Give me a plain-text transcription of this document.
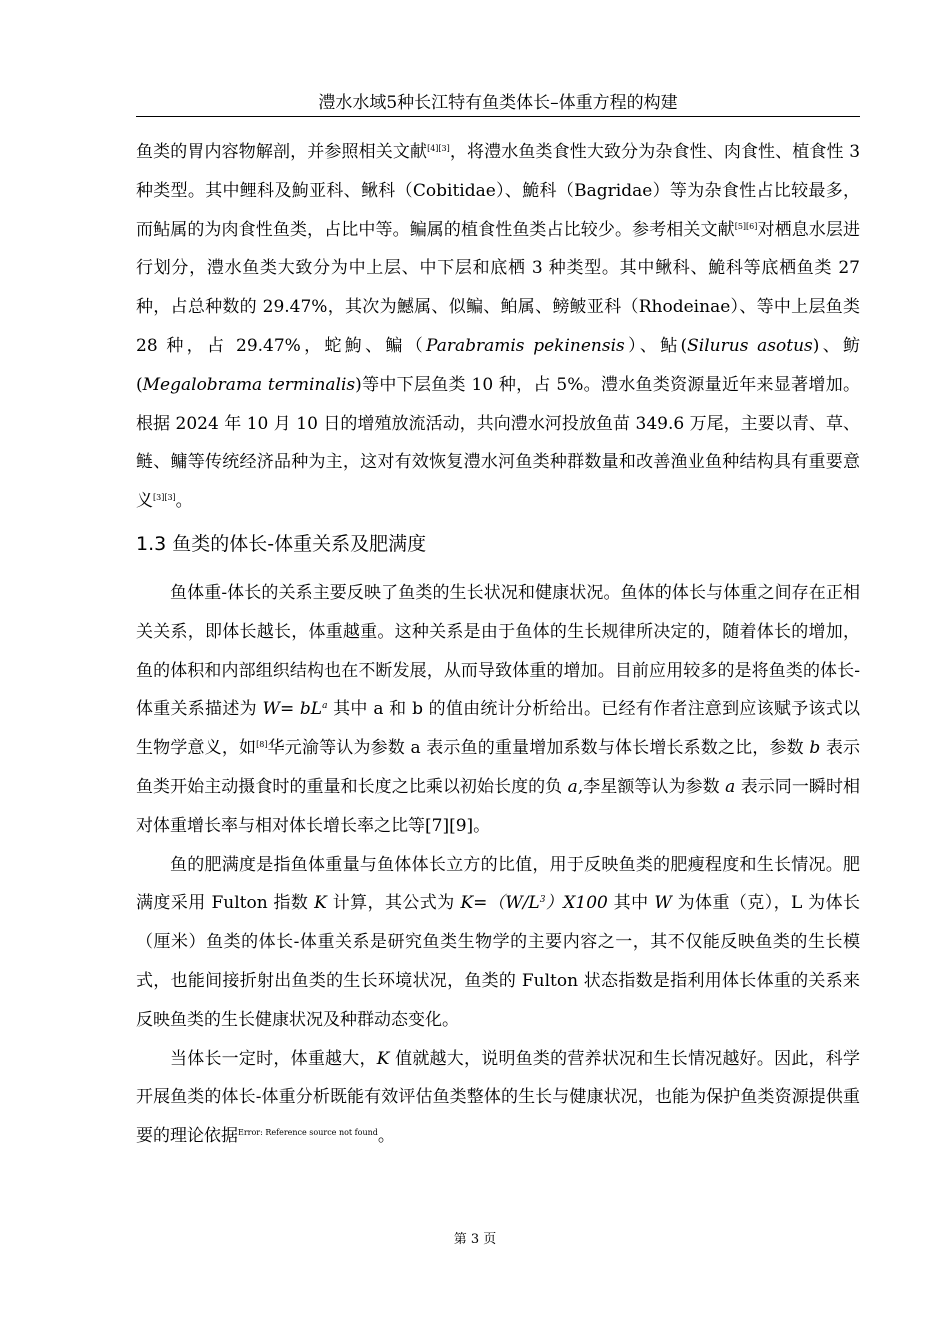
澧水水域5种长江特有鱼类体长–体重方程的构建

鱼类的胃内容物解剖，并参照相关文献[4][3]，将澧水鱼类食性大致分为杂食性、肉食性、植食性 3 种类型。其中鲤科及鮈亚科、鳅科（Cobitidae）、鮠科（Bagridae）等为杂食性占比较最多，而鲇属的为肉食性鱼类，占比中等。鳊属的植食性鱼类占比较少。参考相关文献[5][6]对栖息水层进行划分，澧水鱼类大致分为中上层、中下层和底栖 3 种类型。其中鳅科、鮠科等底栖鱼类 27 种，占总种数的 29.47%，其次为鱤属、似鳊、鲌属、鳑鲏亚科（Rhodeinae）、等中上层鱼类 28 种，占 29.47%，蛇鮈、鳊（Parabramis pekinensis）、鲇(Silurus asotus)、鲂(Megalobrama terminalis)等中下层鱼类 10 种，占 5%。澧水鱼类资源量近年来显著增加。根据 2024 年 10 月 10 日的增殖放流活动，共向澧水河投放鱼苗 349.6 万尾，主要以青、草、鲢、鳙等传统经济品种为主，这对有效恢复澧水河鱼类种群数量和改善渔业鱼种结构具有重要意义[3][3]。

1.3 鱼类的体长-体重关系及肥满度

鱼体重-体长的关系主要反映了鱼类的生长状况和健康状况。鱼体的体长与体重之间存在正相关关系，即体长越长，体重越重。这种关系是由于鱼体的生长规律所决定的，随着体长的增加，鱼的体积和内部组织结构也在不断发展，从而导致体重的增加。目前应用较多的是将鱼类的体长-体重关系描述为 $W= bL^a$ 其中 a 和 b 的值由统计分析给出。已经有作者注意到应该赋予该式以生物学意义，如[8]华元渝等认为参数 a 表示鱼的重量增加系数与体长增长系数之比，参数 b 表示鱼类开始主动摄食时的重量和长度之比乘以初始长度的负 a,李星额等认为参数 a 表示同一瞬时相对体重增长率与相对体长增长率之比等[7][9]。

鱼的肥满度是指鱼体重量与鱼体体长立方的比值，用于反映鱼类的肥瘦程度和生长情况。肥满度采用 Fulton 指数 K 计算，其公式为 $K=(W/L^3)X100$ 其中 W 为体重（克），L 为体长（厘米）鱼类的体长-体重关系是研究鱼类生物学的主要内容之一，其不仅能反映鱼类的生长模式，也能间接折射出鱼类的生长环境状况，鱼类的 Fulton 状态指数是指利用体长体重的关系来反映鱼类的生长健康状况及种群动态变化。

当体长一定时，体重越大，K 值就越大，说明鱼类的营养状况和生长情况越好。因此，科学开展鱼类的体长-体重分析既能有效评估鱼类整体的生长与健康状况，也能为保护鱼类资源提供重要的理论依据$^{Error: Reference source not found}$。

第 3 页
